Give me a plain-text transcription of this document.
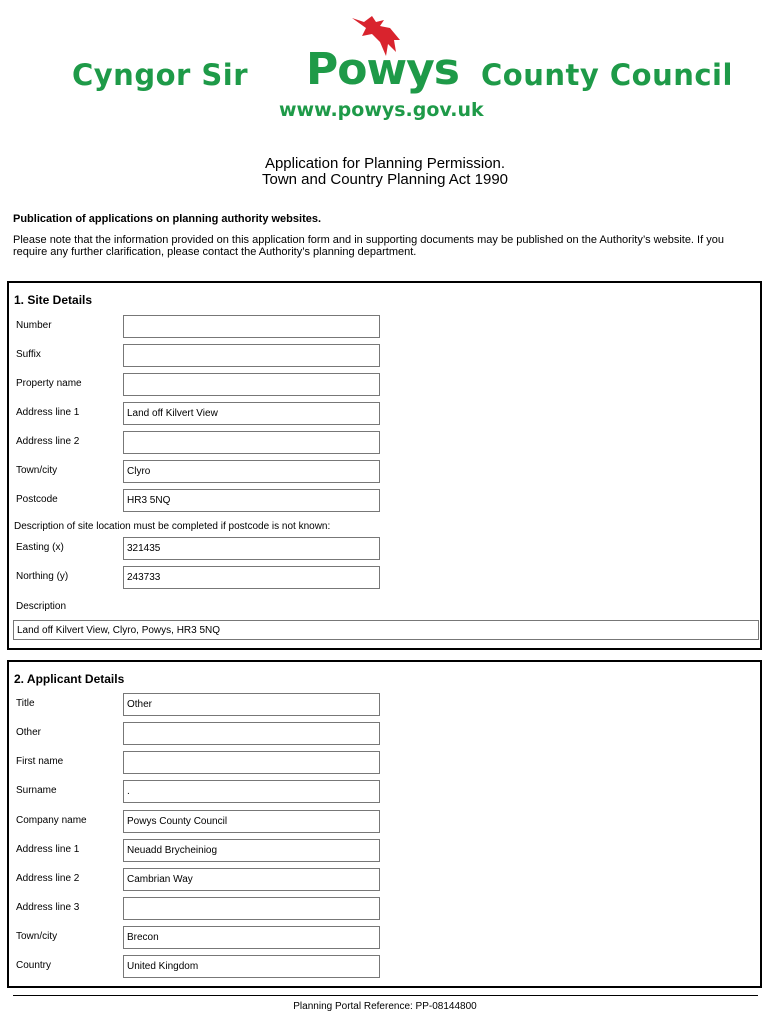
Cyngor Sir Powys County Council
www.powys.gov.uk
Application for Planning Permission.
Town and Country Planning Act 1990
Publication of applications on planning authority websites.
Please note that the information provided on this application form and in supporting documents may be published on the Authority’s website. If you require any further clarification, please contact the Authority’s planning department.
1. Site Details
Number
Suffix
Property name
Address line 1	Land off Kilvert View
Address line 2
Town/city	Clyro
Postcode	HR3 5NQ
Description of site location must be completed if postcode is not known:
Easting (x)	321435
Northing (y)	243733
Description
Land off Kilvert View, Clyro, Powys, HR3 5NQ
2. Applicant Details
Title	Other
Other
First name
Surname	.
Company name	Powys County Council
Address line 1	Neuadd Brycheiniog
Address line 2	Cambrian Way
Address line 3
Town/city	Brecon
Country	United Kingdom
Planning Portal Reference: PP-08144800
